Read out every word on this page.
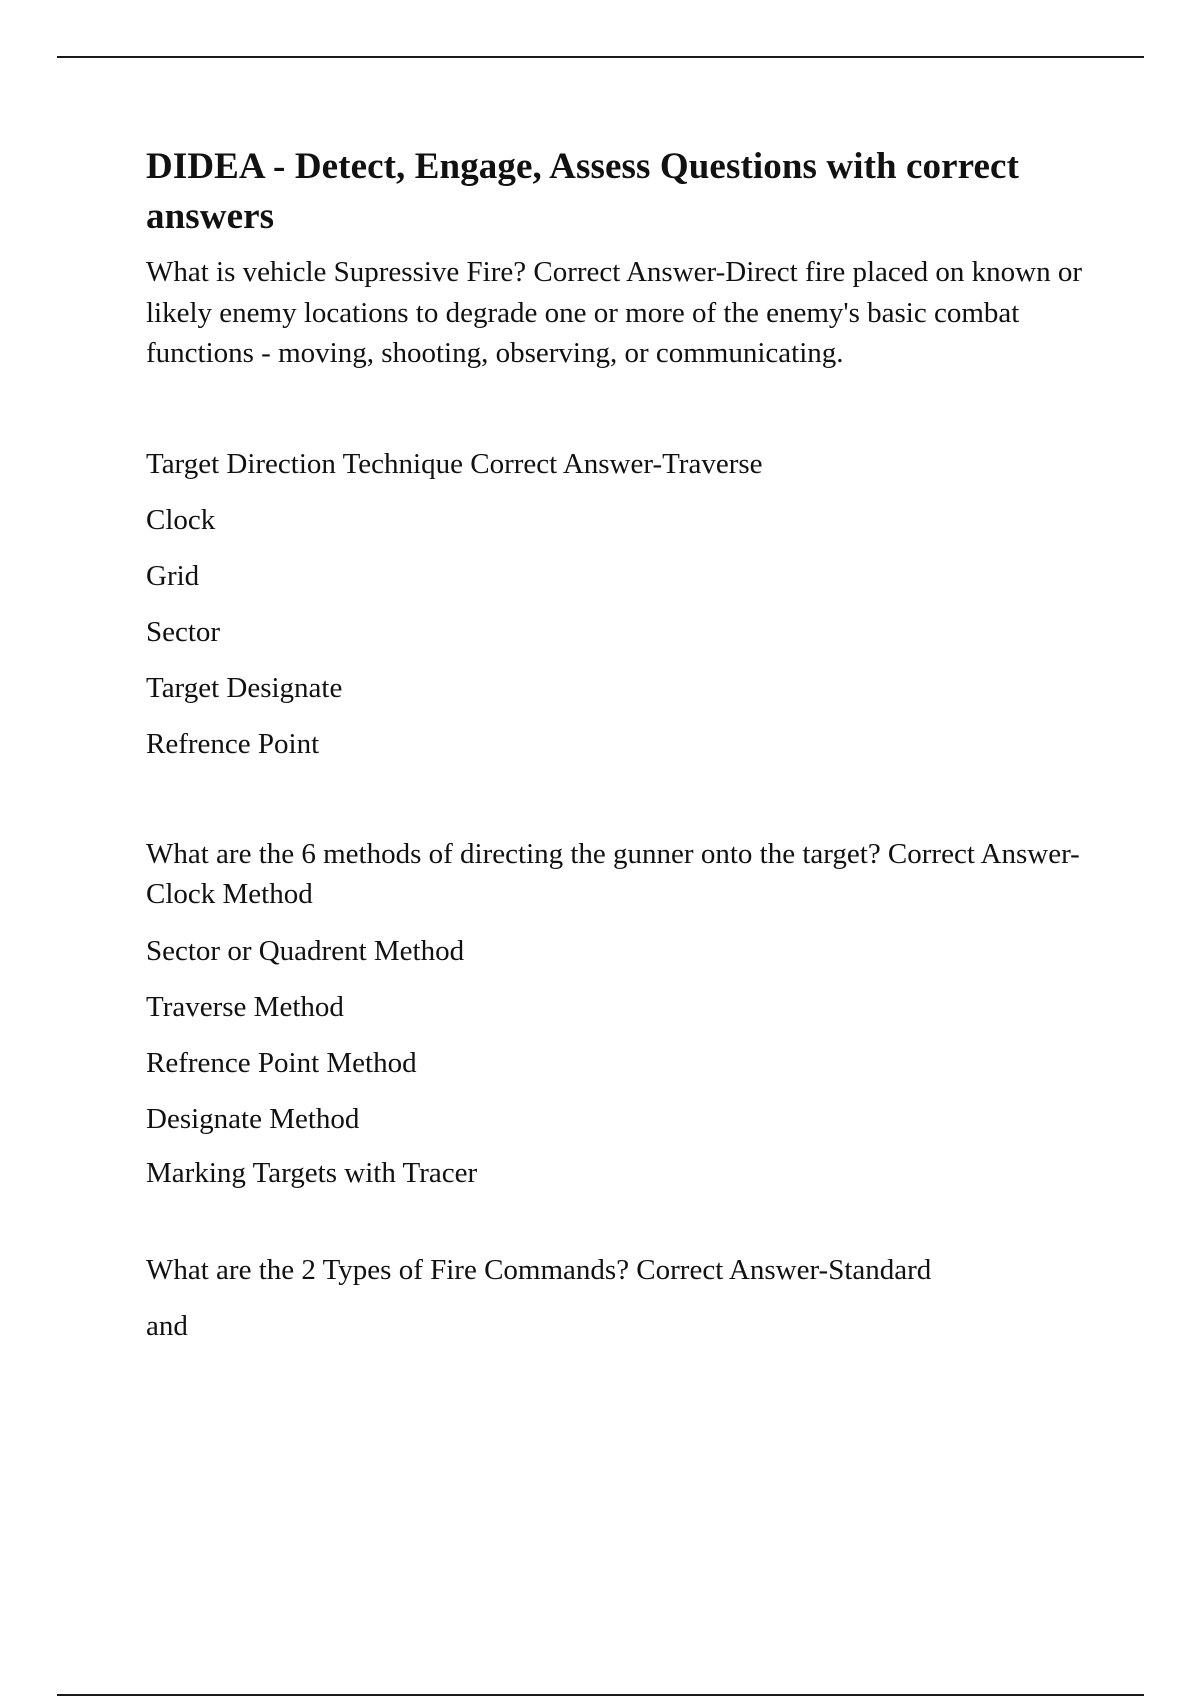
DIDEA - Detect, Engage, Assess Questions with correct answers

What is vehicle Supressive Fire? Correct Answer-Direct fire placed on known or likely enemy locations to degrade one or more of the enemy's basic combat functions - moving, shooting, observing, or communicating.

Target Direction Technique Correct Answer-Traverse

Clock

Grid

Sector

Target Designate

Refrence Point

What are the 6 methods of directing the gunner onto the target? Correct Answer-Clock Method

Sector or Quadrent Method

Traverse Method

Refrence Point Method

Designate Method

Marking Targets with Tracer

What are the 2 Types of Fire Commands? Correct Answer-Standard

and
